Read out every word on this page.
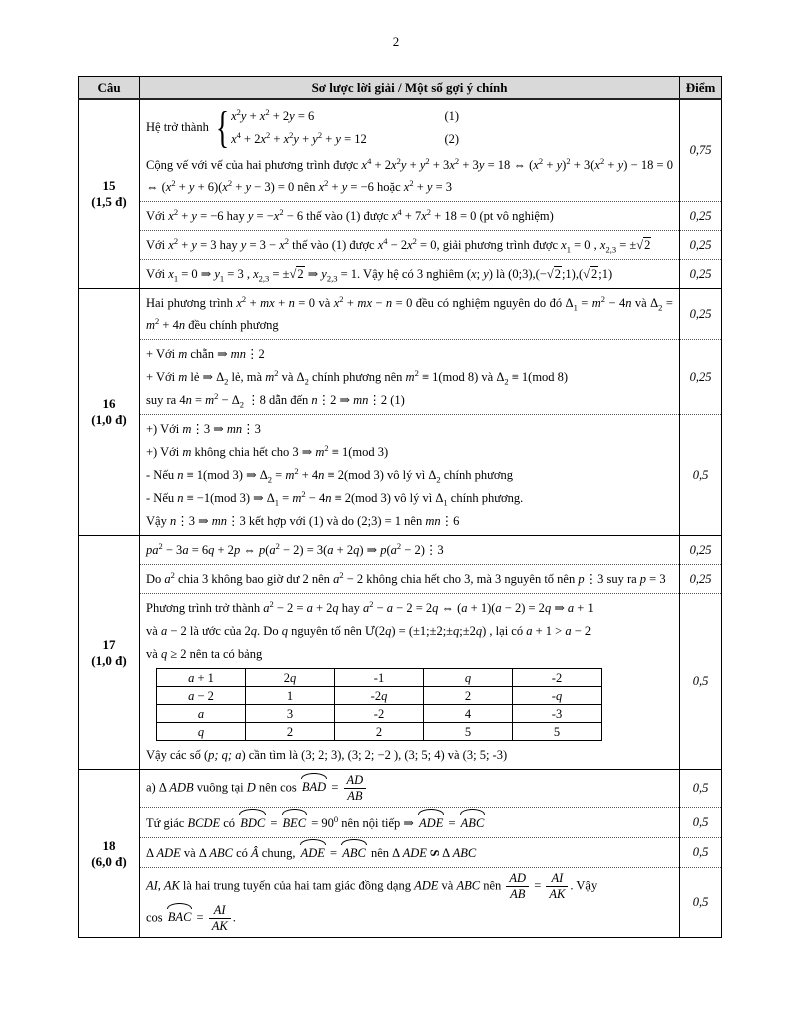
2
Câu	Sơ lược lời giải / Một số gợi ý chính	Điểm

15
(1,5 đ)

Hệ trở thành { $x^2y + x^2 + 2y = 6$	(1)
$x^4 + 2x^2 + x^2y + y^2 + y = 12$	(2)
Cộng vế với vế của hai phương trình được $x^4 + 2x^2y + y^2 + 3x^2 + 3y = 18$ ⇔ $(x^2 + y)^2 + 3(x^2 + y) - 18 = 0$ ⇔ $(x^2 + y + 6)(x^2 + y - 3) = 0$ nên $x^2 + y = -6$ hoặc $x^2 + y = 3$
	0,75

Với $x^2 + y = -6$ hay $y = -x^2 - 6$ thế vào (1) được $x^4 + 7x^2 + 18 = 0$ (pt vô nghiệm)	0,25

Với $x^2 + y = 3$ hay $y = 3 - x^2$ thế vào (1) được $x^4 - 2x^2 = 0$, giải phương trình được $x_1 = 0$ , $x_{2,3} = \pm√2$	0,25

Với $x_1 = 0$ ⇒ $y_1 = 3$ , $x_{2,3} = \pm√2$ ⇒ $y_{2,3} = 1$. Vậy hệ có 3 nghiêm (x; y) là (0;3),(−√2;1),(√2;1)	0,25

16
(1,0 đ)

Hai phương trình $x^2$ + mx + n = 0 và $x^2$ + mx − n = 0 đều có nghiệm nguyên do đó $\Delta_1 = m^2 - 4n$ và $\Delta_2 = m^2 + 4n$ đều chính phương
	0,25

+ Với m chẵn ⇒ mn⋮2
+ Với m lẻ ⇒ $\Delta_2$ lẻ, mà $m^2$ và $\Delta_2$ chính phương nên $m^2 \equiv 1(mod$ 8) và $\Delta_2 \equiv 1(mod$ 8)
suy ra $4n = m^2 - \Delta_2$ ⋮8 dẫn đến n⋮2 ⇒ mn⋮2 (1)
	0,25

+) Với m⋮3 ⇒ mn⋮3
+) Với m không chia hết cho 3 ⇒ $m^2 \equiv 1(mod$ 3)
- Nếu n ≡ 1(mod 3) ⇒ $\Delta_2 = m^2 + 4n \equiv 2(mod$ 3) vô lý vì $\Delta_2$ chính phương
- Nếu n ≡ −1(mod 3) ⇒ $\Delta_1 = m^2 - 4n \equiv 2(mod$ 3) vô lý vì $\Delta_1$ chính phương.
Vậy n⋮3 ⇒ mn⋮3 kết hợp với (1) và do (2;3) = 1 nên mn⋮6
	0,5

17
(1,0 đ)

$pa^2 - 3a = 6q + 2p$ ⇔ $p(a^2 - 2) = 3(a + 2q)$ ⇒ $p(a^2$ − 2)⋮3	0,25

Do $a^2$ chia 3 không bao giờ dư 2 nên $a^2 - 2$ không chia hết cho 3, mà 3 nguyên tố nên p⋮3 suy ra p = 3	0,25

Phương trình trở thành $a^2 - 2 = a + 2q$ hay $a^2 - a - 2 = 2q$ ⇔ (a + 1)(a − 2) = 2q ⇒ a + 1
và a − 2 là ước của 2q. Do q nguyên tố nên Ư(2q) = (±1;±2;±q;±2q) , lại có a + 1 > a − 2
và q ≥ 2 nên ta có bảng
a + 1	2q	-1	q	-2
a − 2	1	-2q	2	-q
a	3	-2	4	-3
q	2	2	5	5
Vậy các số (p; q; a) cần tìm là (3; 2; 3), (3; 2; −2 ), (3; 5; 4) và (3; 5; -3)
	0,5

18
(6,0 đ)

a) Δ ADB vuông tại D nên cos BAD = $\frac{AD}{AB}$	0,5

Tứ giác BCDE có BDC = BEC = $90^0$ nên nội tiếp ⇒ ADE = ABC	0,5

Δ ADE và Δ ABC có Â chung, ADE = ABC nên Δ ADE S Δ ABC	0,5

AI, AK là hai trung tuyến của hai tam giác đồng dạng ADE và ABC nên $\frac{AD}{AB} = \frac{AI}{AK}$ . Vậy
cos BAC = $\frac{AI}{AK}$ .
	0,5
